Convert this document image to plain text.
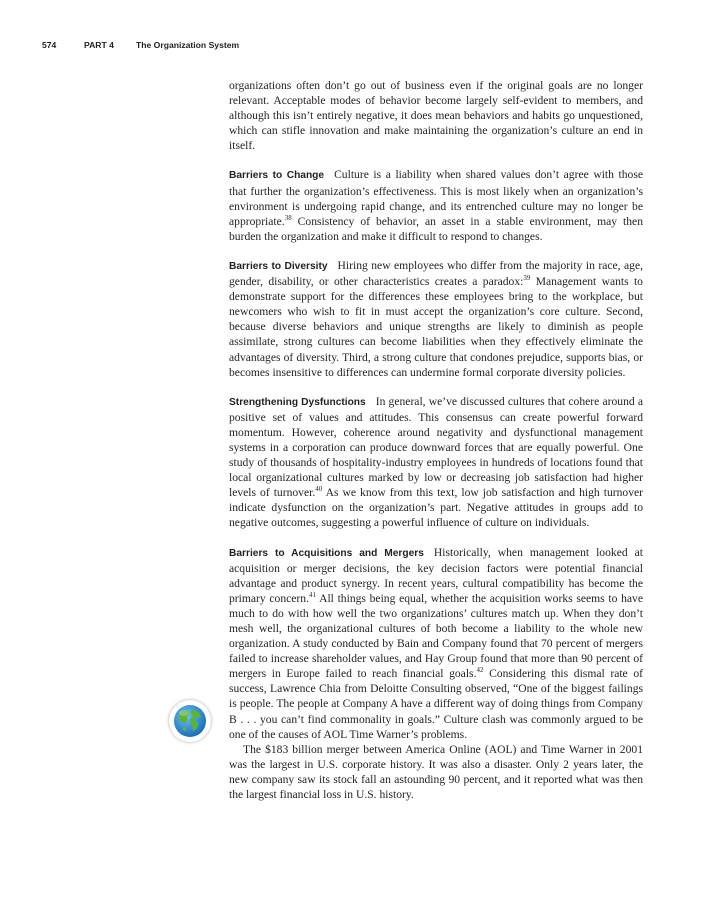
574	PART 4	The Organization System

organizations often don’t go out of business even if the original goals are no longer relevant. Acceptable modes of behavior become largely self-evident to members, and although this isn’t entirely negative, it does mean behaviors and habits go unquestioned, which can stifle innovation and make maintaining the organization’s culture an end in itself.

Barriers to Change Culture is a liability when shared values don’t agree with those that further the organization’s effectiveness. This is most likely when an organization’s environment is undergoing rapid change, and its entrenched culture may no longer be appropriate.$^{38}$ Consistency of behavior, an asset in a stable environment, may then burden the organization and make it difficult to respond to changes.

Barriers to Diversity Hiring new employees who differ from the majority in race, age, gender, disability, or other characteristics creates a paradox:$^{39}$ Management wants to demonstrate support for the differences these employees bring to the workplace, but newcomers who wish to fit in must accept the organization’s core culture. Second, because diverse behaviors and unique strengths are likely to diminish as people assimilate, strong cultures can become liabilities when they effectively eliminate the advantages of diversity. Third, a strong culture that condones prejudice, supports bias, or becomes insensitive to differences can undermine formal corporate diversity policies.

Strengthening Dysfunctions In general, we’ve discussed cultures that cohere around a positive set of values and attitudes. This consensus can create powerful forward momentum. However, coherence around negativity and dysfunctional management systems in a corporation can produce downward forces that are equally powerful. One study of thousands of hospitality-industry employees in hundreds of locations found that local organizational cultures marked by low or decreasing job satisfaction had higher levels of turnover.$^{40}$ As we know from this text, low job satisfaction and high turnover indicate dysfunction on the organization’s part. Negative attitudes in groups add to negative outcomes, suggesting a powerful influence of culture on individuals.

Barriers to Acquisitions and Mergers Historically, when management looked at acquisition or merger decisions, the key decision factors were potential financial advantage and product synergy. In recent years, cultural compatibility has become the primary concern.$^{41}$ All things being equal, whether the acquisition works seems to have much to do with how well the two organizations’ cultures match up. When they don’t mesh well, the organizational cultures of both become a liability to the whole new organization. A study conducted by Bain and Company found that 70 percent of mergers failed to increase shareholder values, and Hay Group found that more than 90 percent of mergers in Europe failed to reach financial goals.$^{42}$ Considering this dismal rate of success, Lawrence Chia from Deloitte Consulting observed, “One of the biggest failings is people. The people at Company A have a different way of doing things from Company B . . . you can’t find commonality in goals.” Culture clash was commonly argued to be one of the causes of AOL Time Warner’s problems.

The $183 billion merger between America Online (AOL) and Time Warner in 2001 was the largest in U.S. corporate history. It was also a disaster. Only 2 years later, the new company saw its stock fall an astounding 90 percent, and it reported what was then the largest financial loss in U.S. history.
